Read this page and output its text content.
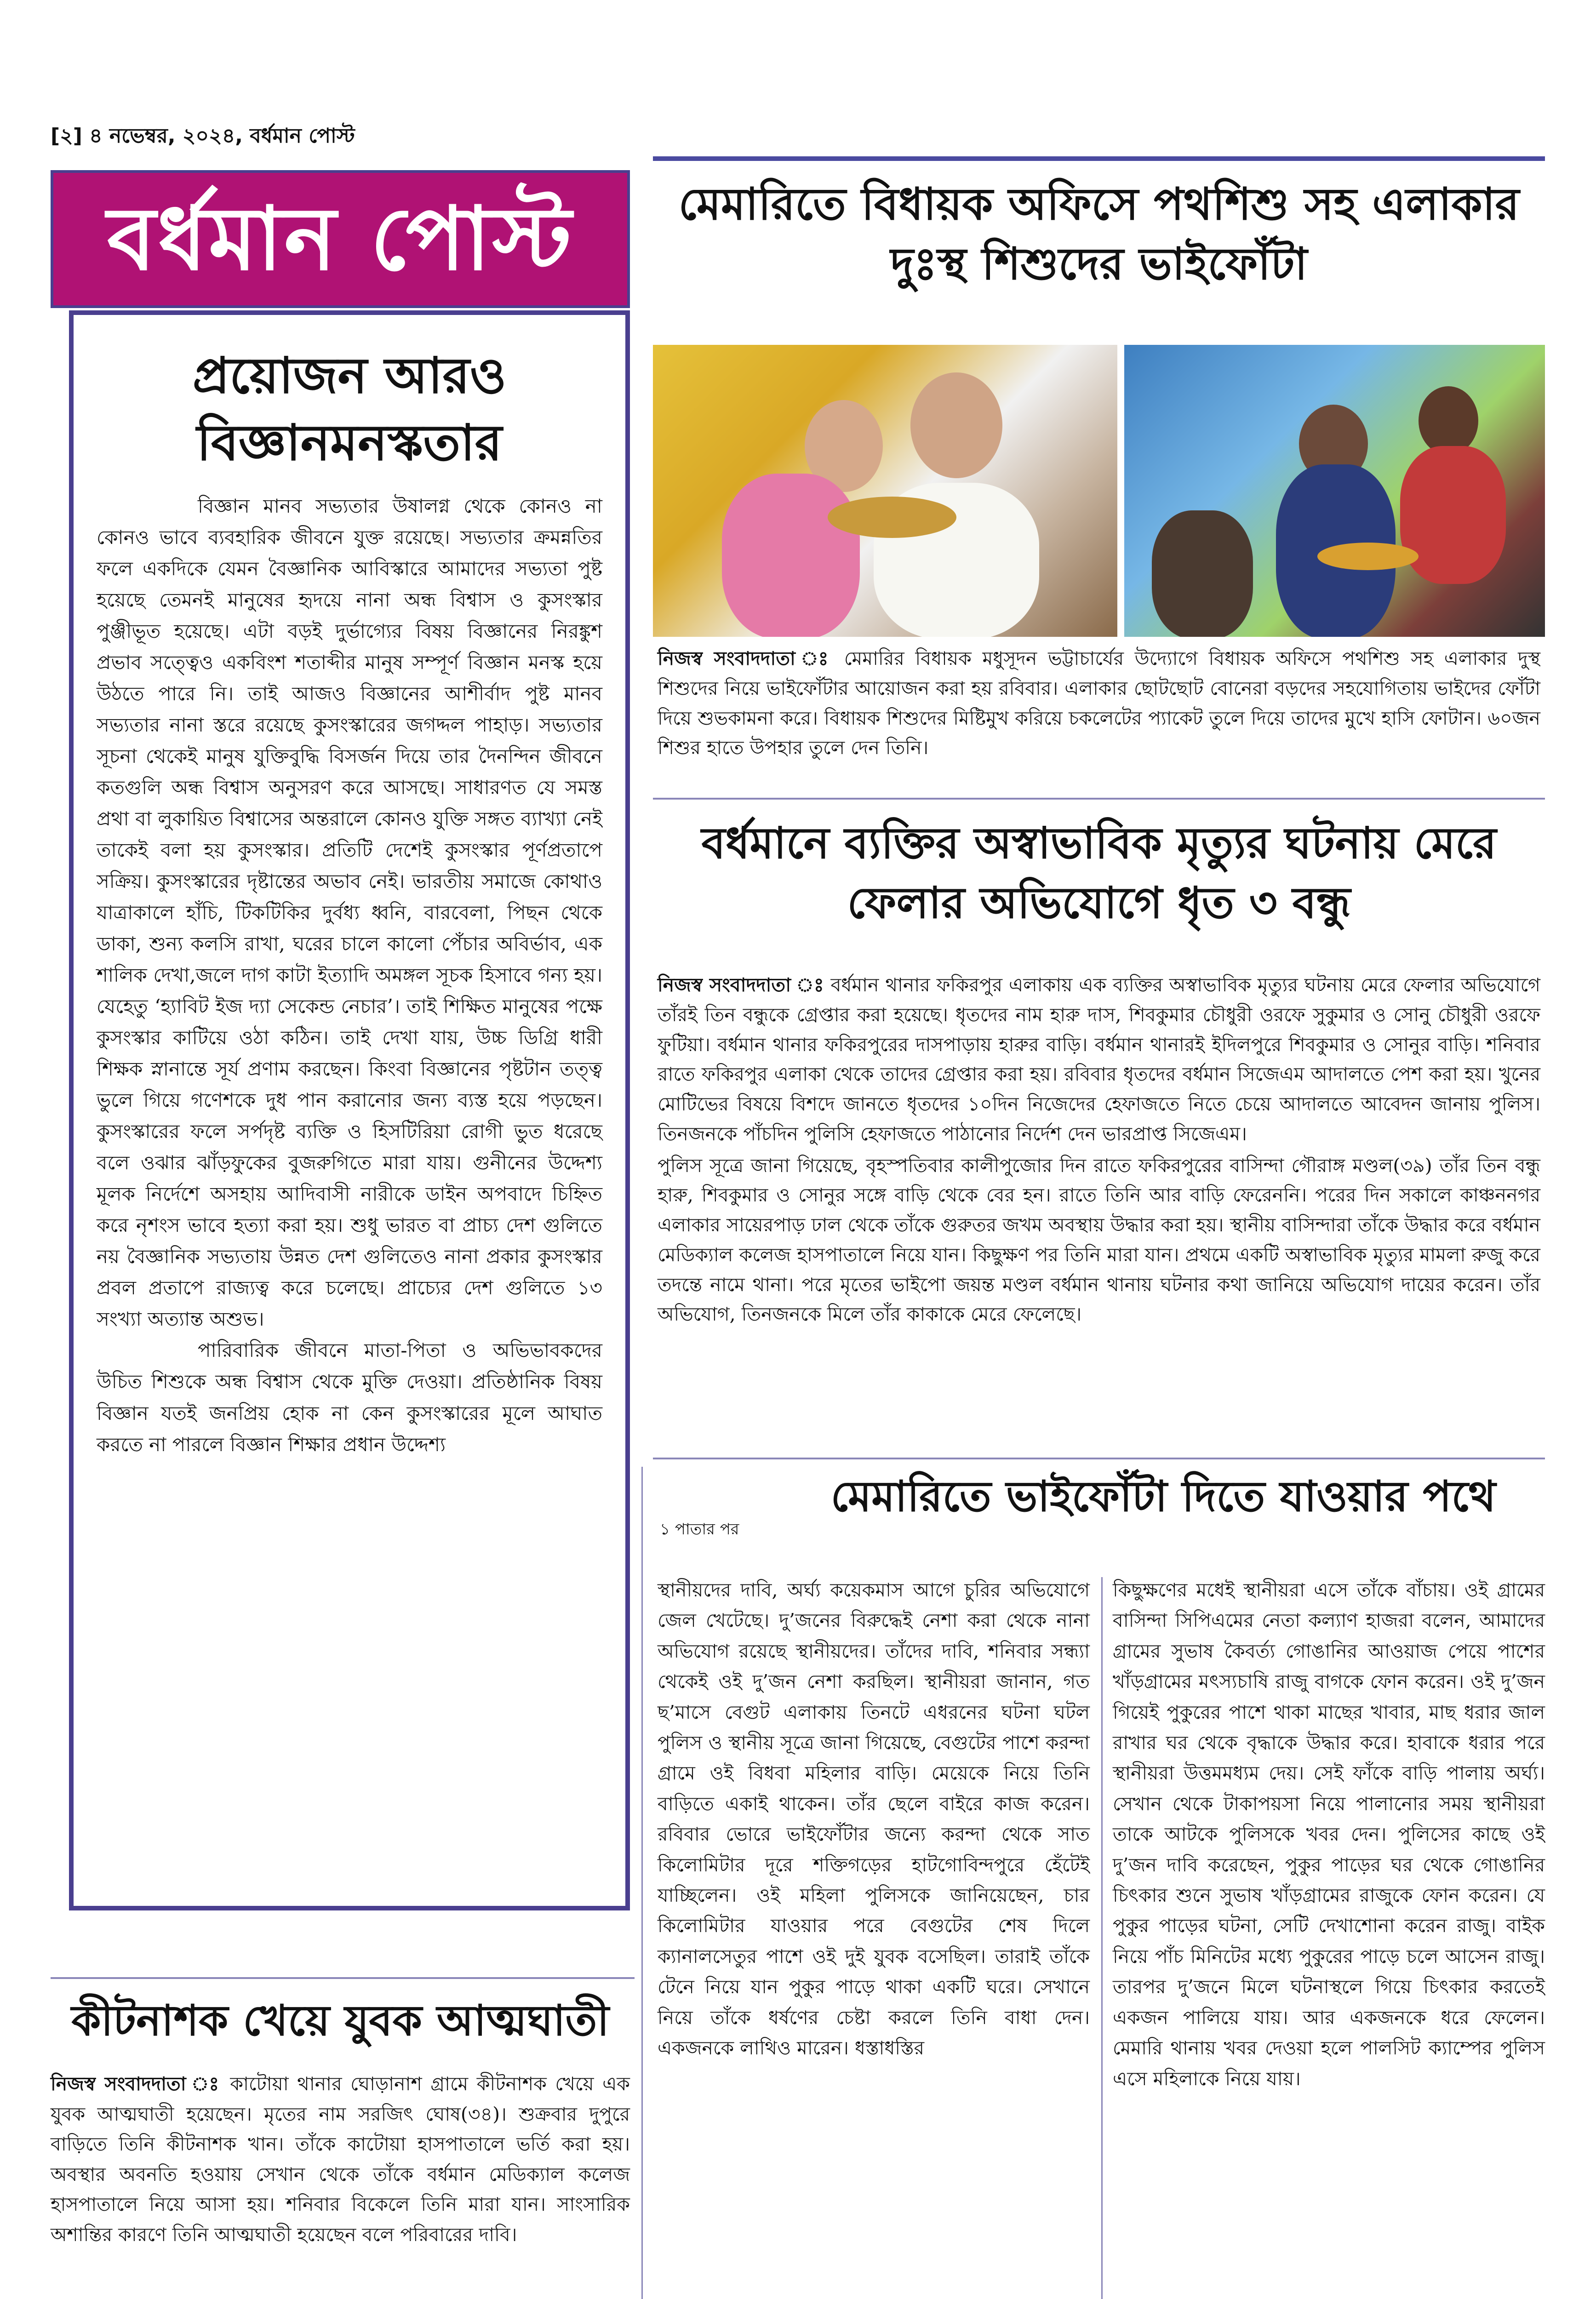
[২] ৪ নভেম্বর, ২০২৪, বর্ধমান পোস্ট
বর্ধমান পোস্ট
প্রয়োজন আরও বিজ্ঞানমনস্কতার

বিজ্ঞান মানব সভ্যতার উষালগ্ন থেকে কোনও না কোনও ভাবে ব্যবহারিক জীবনে যুক্ত রয়েছে। সভ্যতার ক্রমন্নতির ফলে একদিকে যেমন বৈজ্ঞানিক আবিস্কারে আমাদের সভ্যতা পুষ্ট হয়েছে তেমনই মানুষের হৃদয়ে নানা অন্ধ বিশ্বাস ও কুসংস্কার পুঞ্জীভূত হয়েছে। এটা বড়ই দুর্ভাগ্যের বিষয় বিজ্ঞানের নিরঙ্কুশ প্রভাব সত্ত্বেও একবিংশ শতাব্দীর মানুষ সম্পূর্ণ বিজ্ঞান মনস্ক হয়ে উঠতে পারে নি। তাই আজও বিজ্ঞানের আশীর্বাদ পুষ্ট মানব সভ্যতার নানা স্তরে রয়েছে কুসংস্কারের জগদ্দল পাহাড়। সভ্যতার সূচনা থেকেই মানুষ যুক্তিবুদ্ধি বিসর্জন দিয়ে তার দৈনন্দিন জীবনে কতগুলি অন্ধ বিশ্বাস অনুসরণ করে আসছে। সাধারণত যে সমস্ত প্রথা বা লুকায়িত বিশ্বাসের অন্তরালে কোনও যুক্তি সঙ্গত ব্যাখ্যা নেই তাকেই বলা হয় কুসংস্কার। প্রতিটি দেশেই কুসংস্কার পূর্ণপ্রতাপে সক্রিয়। কুসংস্কারের দৃষ্টান্তের অভাব নেই। ভারতীয় সমাজে কোথাও যাত্রাকালে হাঁচি, টিকটিকির দুর্বধ্য ধ্বনি, বারবেলা, পিছন থেকে ডাকা, শুন্য কলসি রাখা, ঘরের চালে কালো পেঁচার অবির্ভাব, এক শালিক দেখা,জলে দাগ কাটা ইত্যাদি অমঙ্গল সূচক হিসাবে গন্য হয়। যেহেতু ‘হ্যাবিট ইজ দ্যা সেকেন্ড নেচার’। তাই শিক্ষিত মানুষের পক্ষে কুসংস্কার কাটিয়ে ওঠা কঠিন। তাই দেখা যায়, উচ্চ ডিগ্রি ধারী শিক্ষক স্নানান্তে সূর্য প্রণাম করছেন। কিংবা বিজ্ঞানের পৃষ্টটান তত্ত্ব ভুলে গিয়ে গণেশকে দুধ পান করানোর জন্য ব্যস্ত হয়ে পড়ছেন। কুসংস্কারের ফলে সর্পদৃষ্ট ব্যক্তি ও হিসটিরিয়া রোগী ভুত ধরেছে বলে ওঝার ঝাঁড়ফুকের বুজরুগিতে মারা যায়। গুনীনের উদ্দেশ্য মূলক নির্দেশে অসহায় আদিবাসী নারীকে ডাইন অপবাদে চিহ্নিত করে নৃশংস ভাবে হত্যা করা হয়। শুধু ভারত বা প্রাচ্য দেশ গুলিতে নয় বৈজ্ঞানিক সভ্যতায় উন্নত দেশ গুলিতেও নানা প্রকার কুসংস্কার প্রবল প্রতাপে রাজ্যত্ব করে চলেছে। প্রাচ্যের দেশ গুলিতে ১৩ সংখ্যা অত্যান্ত অশুভ।

পারিবারিক জীবনে মাতা-পিতা ও অভিভাবকদের উচিত শিশুকে অন্ধ বিশ্বাস থেকে মুক্তি দেওয়া। প্রতিষ্ঠানিক বিষয় বিজ্ঞান যতই জনপ্রিয় হোক না কেন কুসংস্কারের মূলে আঘাত করতে না পারলে বিজ্ঞান শিক্ষার প্রধান উদ্দেশ্য

মেমারিতে বিধায়ক অফিসে পথশিশু সহ এলাকার দুঃস্থ শিশুদের ভাইফোঁটা
নিজস্ব সংবাদদাতা ঃ মেমারির বিধায়ক মধুসূদন ভট্টাচার্যের উদ্যোগে বিধায়ক অফিসে পথশিশু সহ এলাকার দুস্থ শিশুদের নিয়ে ভাইফোঁটার আয়োজন করা হয় রবিবার। এলাকার ছোটছোট বোনেরা বড়দের সহযোগিতায় ভাইদের ফোঁটা দিয়ে শুভকামনা করে। বিধায়ক শিশুদের মিষ্টিমুখ করিয়ে চকলেটের প্যাকেট তুলে দিয়ে তাদের মুখে হাসি ফোটান। ৬০জন শিশুর হাতে উপহার তুলে দেন তিনি।
বর্ধমানে ব্যক্তির অস্বাভাবিক মৃত্যুর ঘটনায় মেরে ফেলার অভিযোগে ধৃত ৩ বন্ধু

নিজস্ব সংবাদদাতা ঃ বর্ধমান থানার ফকিরপুর এলাকায় এক ব্যক্তির অস্বাভাবিক মৃত্যুর ঘটনায় মেরে ফেলার অভিযোগে তাঁরই তিন বন্ধুকে গ্রেপ্তার করা হয়েছে। ধৃতদের নাম হারু দাস, শিবকুমার চৌধুরী ওরফে সুকুমার ও সোনু চৌধুরী ওরফে ফুটিয়া। বর্ধমান থানার ফকিরপুরের দাসপাড়ায় হারুর বাড়ি। বর্ধমান থানারই ইদিলপুরে শিবকুমার ও সোনুর বাড়ি। শনিবার রাতে ফকিরপুর এলাকা থেকে তাদের গ্রেপ্তার করা হয়। রবিবার ধৃতদের বর্ধমান সিজেএম আদালতে পেশ করা হয়। খুনের মোটিভের বিষয়ে বিশদে জানতে ধৃতদের ১০দিন নিজেদের হেফাজতে নিতে চেয়ে আদালতে আবেদন জানায় পুলিস। তিনজনকে পাঁচদিন পুলিসি হেফাজতে পাঠানোর নির্দেশ দেন ভারপ্রাপ্ত সিজেএম।

পুলিস সূত্রে জানা গিয়েছে, বৃহস্পতিবার কালীপুজোর দিন রাতে ফকিরপুরের বাসিন্দা গৌরাঙ্গ মণ্ডল(৩৯) তাঁর তিন বন্ধু হারু, শিবকুমার ও সোনুর সঙ্গে বাড়ি থেকে বের হন। রাতে তিনি আর বাড়ি ফেরেননি। পরের দিন সকালে কাঞ্চননগর এলাকার সায়েরপাড় ঢাল থেকে তাঁকে গুরুতর জখম অবস্থায় উদ্ধার করা হয়। স্থানীয় বাসিন্দারা তাঁকে উদ্ধার করে বর্ধমান মেডিক্যাল কলেজ হাসপাতালে নিয়ে যান। কিছুক্ষণ পর তিনি মারা যান। প্রথমে একটি অস্বাভাবিক মৃত্যুর মামলা রুজু করে তদন্তে নামে থানা। পরে মৃতের ভাইপো জয়ন্ত মণ্ডল বর্ধমান থানায় ঘটনার কথা জানিয়ে অভিযোগ দায়ের করেন। তাঁর অভিযোগ, তিনজনকে মিলে তাঁর কাকাকে মেরে ফেলেছে।

১ পাতার পর
মেমারিতে ভাইফোঁটা দিতে যাওয়ার পথে
স্থানীয়দের দাবি, অর্ঘ্য কয়েকমাস আগে চুরির অভিযোগে জেল খেটেছে। দু’জনের বিরুদ্ধেই নেশা করা থেকে নানা অভিযোগ রয়েছে স্থানীয়দের। তাঁদের দাবি, শনিবার সন্ধ্যা থেকেই ওই দু’জন নেশা করছিল। স্থানীয়রা জানান, গত ছ’মাসে বেগুট এলাকায় তিনটে এধরনের ঘটনা ঘটল পুলিস ও স্থানীয় সূত্রে জানা গিয়েছে, বেগুটের পাশে করন্দা গ্রামে ওই বিধবা মহিলার বাড়ি। মেয়েকে নিয়ে তিনি বাড়িতে একাই থাকেন। তাঁর ছেলে বাইরে কাজ করেন। রবিবার ভোরে ভাইফোঁটার জন্যে করন্দা থেকে সাত কিলোমিটার দূরে শক্তিগড়ের হাটগোবিন্দপুরে হেঁটেই যাচ্ছিলেন। ওই মহিলা পুলিসকে জানিয়েছেন, চার কিলোমিটার যাওয়ার পরে বেগুটের শেষ দিলে ক্যানালসেতুর পাশে ওই দুই যুবক বসেছিল। তারাই তাঁকে টেনে নিয়ে যান পুকুর পাড়ে থাকা একটি ঘরে। সেখানে নিয়ে তাঁকে ধর্ষণের চেষ্টা করলে তিনি বাধা দেন। একজনকে লাথিও মারেন। ধস্তাধস্তির
কিছুক্ষণের মধেই স্থানীয়রা এসে তাঁকে বাঁচায়। ওই গ্রামের বাসিন্দা সিপিএমের নেতা কল্যাণ হাজরা বলেন, আমাদের গ্রামের সুভাষ কৈবর্ত্য গোঙানির আওয়াজ পেয়ে পাশের খাঁড়গ্রামের মৎস্যচাষি রাজু বাগকে ফোন করেন। ওই দু’জন গিয়েই পুকুরের পাশে থাকা মাছের খাবার, মাছ ধরার জাল রাখার ঘর থেকে বৃদ্ধাকে উদ্ধার করে। হাবাকে ধরার পরে স্থানীয়রা উত্তমমধ্যম দেয়। সেই ফাঁকে বাড়ি পালায় অর্ঘ্য। সেখান থেকে টাকাপয়সা নিয়ে পালানোর সময় স্থানীয়রা তাকে আটকে পুলিসকে খবর দেন। পুলিসের কাছে ওই দু’জন দাবি করেছেন, পুকুর পাড়ের ঘর থেকে গোঙানির চিৎকার শুনে সুভাষ খাঁড়গ্রামের রাজুকে ফোন করেন। যে পুকুর পাড়ের ঘটনা, সেটি দেখাশোনা করেন রাজু। বাইক নিয়ে পাঁচ মিনিটের মধ্যে পুকুরের পাড়ে চলে আসেন রাজু। তারপর দু’জনে মিলে ঘটনাস্থলে গিয়ে চিৎকার করতেই একজন পালিয়ে যায়। আর একজনকে ধরে ফেলেন। মেমারি থানায় খবর দেওয়া হলে পালসিট ক্যাম্পের পুলিস এসে মহিলাকে নিয়ে যায়।
কীটনাশক খেয়ে যুবক আত্মঘাতী
নিজস্ব সংবাদদাতা ঃ কাটোয়া থানার ঘোড়ানাশ গ্রামে কীটনাশক খেয়ে এক যুবক আত্মঘাতী হয়েছেন। মৃতের নাম সরজিৎ ঘোষ(৩৪)। শুক্রবার দুপুরে বাড়িতে তিনি কীটনাশক খান। তাঁকে কাটোয়া হাসপাতালে ভর্তি করা হয়। অবস্থার অবনতি হওয়ায় সেখান থেকে তাঁকে বর্ধমান মেডিক্যাল কলেজ হাসপাতালে নিয়ে আসা হয়। শনিবার বিকেলে তিনি মারা যান। সাংসারিক অশান্তির কারণে তিনি আত্মঘাতী হয়েছেন বলে পরিবারের দাবি।
